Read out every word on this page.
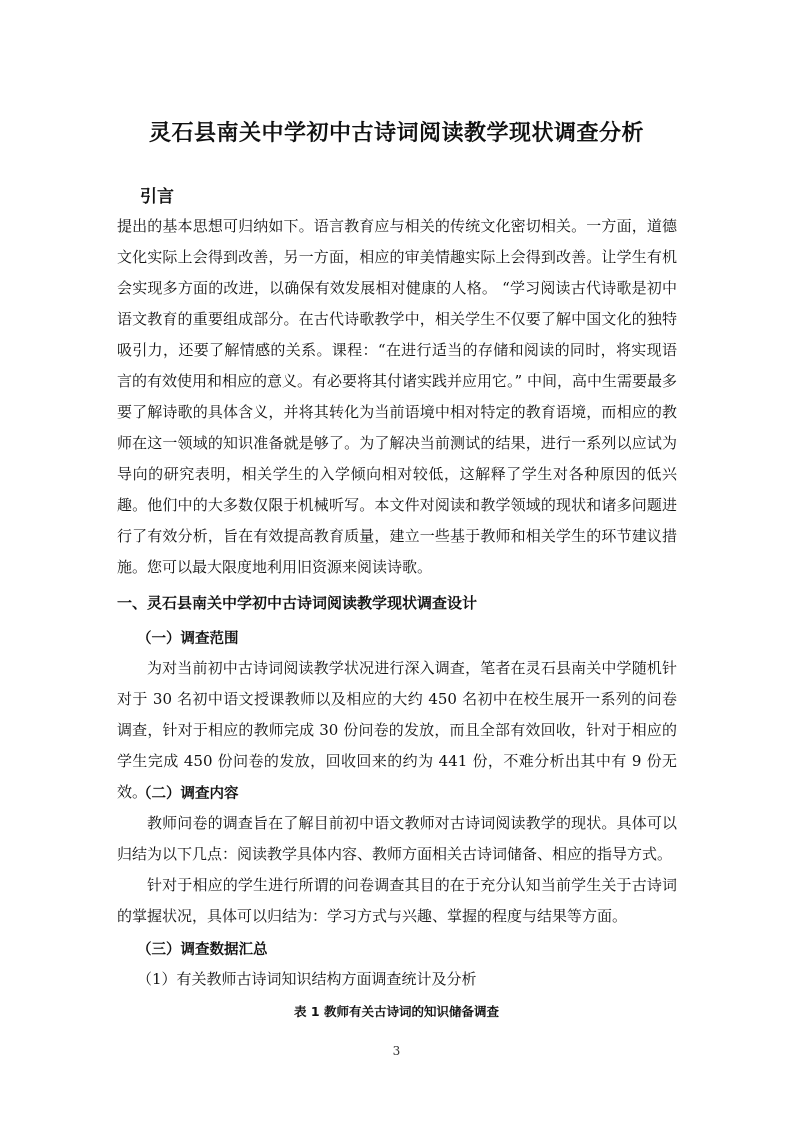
灵石县南关中学初中古诗词阅读教学现状调查分析
引言
提出的基本思想可归纳如下。语言教育应与相关的传统文化密切相关。一方面，道德文化实际上会得到改善，另一方面，相应的审美情趣实际上会得到改善。让学生有机会实现多方面的改进，以确保有效发展相对健康的人格。 “学习阅读古代诗歌是初中语文教育的重要组成部分。在古代诗歌教学中，相关学生不仅要了解中国文化的独特吸引力，还要了解情感的关系。课程：“在进行适当的存储和阅读的同时，将实现语言的有效使用和相应的意义。有必要将其付诸实践并应用它。” 中间，高中生需要最多要了解诗歌的具体含义，并将其转化为当前语境中相对特定的教育语境，而相应的教师在这一领域的知识准备就是够了。为了解决当前测试的结果，进行一系列以应试为导向的研究表明，相关学生的入学倾向相对较低，这解释了学生对各种原因的低兴趣。他们中的大多数仅限于机械听写。本文件对阅读和教学领域的现状和诸多问题进行了有效分析，旨在有效提高教育质量，建立一些基于教师和相关学生的环节建议措施。您可以最大限度地利用旧资源来阅读诗歌。
一、灵石县南关中学初中古诗词阅读教学现状调查设计
（一）调查范围
为对当前初中古诗词阅读教学状况进行深入调查，笔者在灵石县南关中学随机针对于 30 名初中语文授课教师以及相应的大约 450 名初中在校生展开一系列的问卷调查，针对于相应的教师完成 30 份问卷的发放，而且全部有效回收，针对于相应的学生完成 450 份问卷的发放，回收回来的约为 441 份，不难分析出其中有 9 份无效。
（二）调查内容
教师问卷的调查旨在了解目前初中语文教师对古诗词阅读教学的现状。具体可以归结为以下几点：阅读教学具体内容、教师方面相关古诗词储备、相应的指导方式。
针对于相应的学生进行所谓的问卷调查其目的在于充分认知当前学生关于古诗词的掌握状况，具体可以归结为：学习方式与兴趣、掌握的程度与结果等方面。
（三）调查数据汇总
（1）有关教师古诗词知识结构方面调查统计及分析
表 1 教师有关古诗词的知识储备调查
3
